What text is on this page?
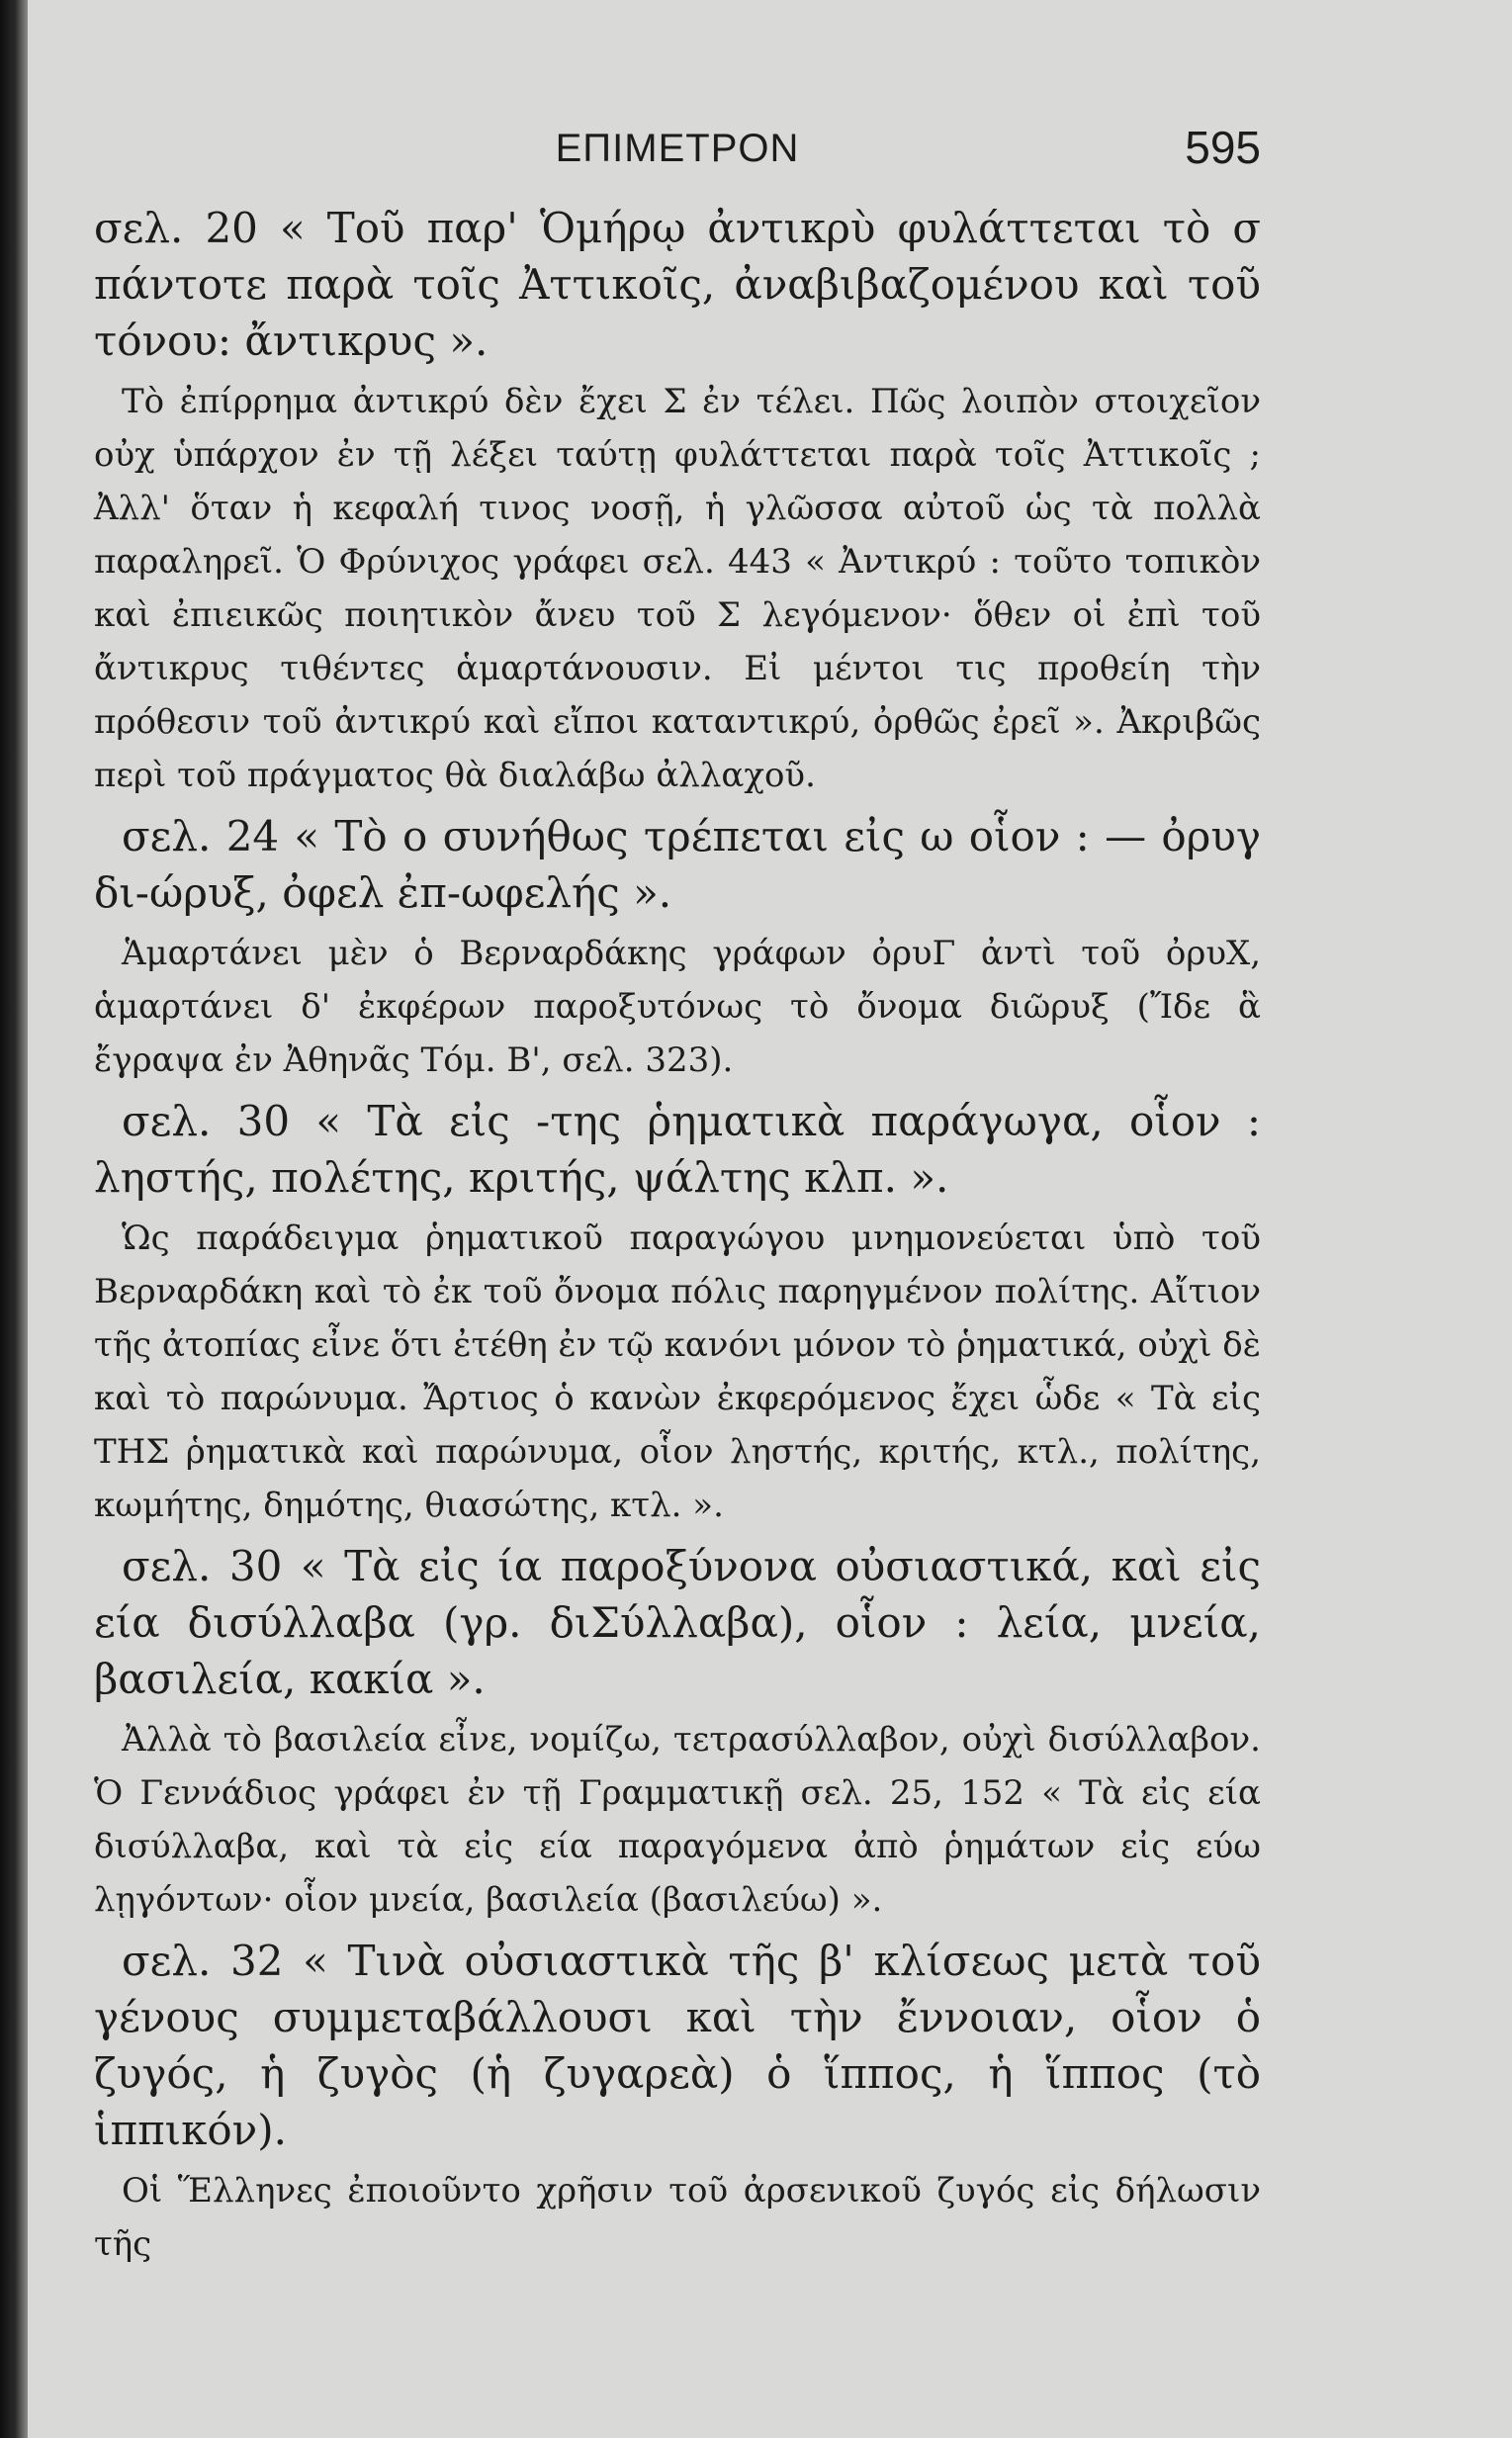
ΕΠΙΜΕΤΡΟΝ	595

σελ. 20 « Τοῦ παρ' Ὁμήρῳ ἀντικρὺ φυλάττεται τὸ σ πάντοτε παρὰ τοῖς Ἀττικοῖς, ἀναβιβαζομένου καὶ τοῦ τόνου: ἄντικρυς ».

Τὸ ἐπίρρημα ἀντικρύ δὲν ἔχει Σ ἐν τέλει. Πῶς λοιπὸν στοιχεῖον οὐχ ὑπάρχον ἐν τῇ λέξει ταύτῃ φυλάττεται παρὰ τοῖς Ἀττικοῖς ; Ἀλλ' ὅταν ἡ κεφαλή τινος νοσῇ, ἡ γλῶσσα αὐτοῦ ὡς τὰ πολλὰ παραληρεῖ. Ὁ Φρύνιχος γράφει σελ. 443 « Ἀντικρύ : τοῦτο τοπικὸν καὶ ἐπιεικῶς ποιητικὸν ἄνευ τοῦ Σ λεγόμενον· ὅθεν οἱ ἐπὶ τοῦ ἄντικρυς τιθέντες ἁμαρτάνουσιν. Εἰ μέντοι τις προθείη τὴν πρόθεσιν τοῦ ἀντικρύ καὶ εἴποι καταντικρύ, ὀρθῶς ἐρεῖ ». Ἀκριβῶς περὶ τοῦ πράγματος θὰ διαλάβω ἀλλαχοῦ.

σελ. 24 « Τὸ ο συνήθως τρέπεται εἰς ω οἷον : — ὀρυγ δι-ώρυξ, ὀφελ ἐπ-ωφελής ».

Ἁμαρτάνει μὲν ὁ Βερναρδάκης γράφων ὀρυΓ ἀντὶ τοῦ ὀρυΧ, ἁμαρτάνει δ' ἐκφέρων παροξυτόνως τὸ ὄνομα διῶρυξ (Ἴδε ἃ ἔγραψα ἐν Ἀθηνᾶς Τόμ. Β', σελ. 323).

σελ. 30 « Τὰ εἰς -της ῥηματικὰ παράγωγα, οἷον : ληστής, πολέτης, κριτής, ψάλτης κλπ. ».

Ὡς παράδειγμα ῥηματικοῦ παραγώγου μνημονεύεται ὑπὸ τοῦ Βερναρδάκη καὶ τὸ ἐκ τοῦ ὄνομα πόλις παρηγμένον πολίτης. Αἴτιον τῆς ἀτοπίας εἶνε ὅτι ἐτέθη ἐν τῷ κανόνι μόνον τὸ ῥηματικά, οὐχὶ δὲ καὶ τὸ παρώνυμα. Ἄρτιος ὁ κανὼν ἐκφερόμενος ἔχει ὧδε « Τὰ εἰς ΤΗΣ ῥηματικὰ καὶ παρώνυμα, οἷον ληστής, κριτής, κτλ., πολίτης, κωμήτης, δημότης, θιασώτης, κτλ. ».

σελ. 30 « Τὰ εἰς ία παροξύνονα οὐσιαστικά, καὶ εἰς εία δισύλλαβα (γρ. διΣύλλαβα), οἷον : λεία, μνεία, βασιλεία, κακία ».

Ἀλλὰ τὸ βασιλεία εἶνε, νομίζω, τετρασύλλαβον, οὐχὶ δισύλλαβον. Ὁ Γεννάδιος γράφει ἐν τῇ Γραμματικῇ σελ. 25, 152 « Τὰ εἰς εία δισύλλαβα, καὶ τὰ εἰς εία παραγόμενα ἀπὸ ῥημάτων εἰς εύω λῃγόντων· οἷον μνεία, βασιλεία (βασιλεύω) ».

σελ. 32 « Τινὰ οὐσιαστικὰ τῆς β' κλίσεως μετὰ τοῦ γένους συμμεταβάλλουσι καὶ τὴν ἔννοιαν, οἷον ὁ ζυγός, ἡ ζυγὸς (ἡ ζυγαρεὰ) ὁ ἵππος, ἡ ἵππος (τὸ ἱππικόν).

Οἱ Ἕλληνες ἐποιοῦντο χρῆσιν τοῦ ἀρσενικοῦ ζυγός εἰς δήλωσιν τῆς
